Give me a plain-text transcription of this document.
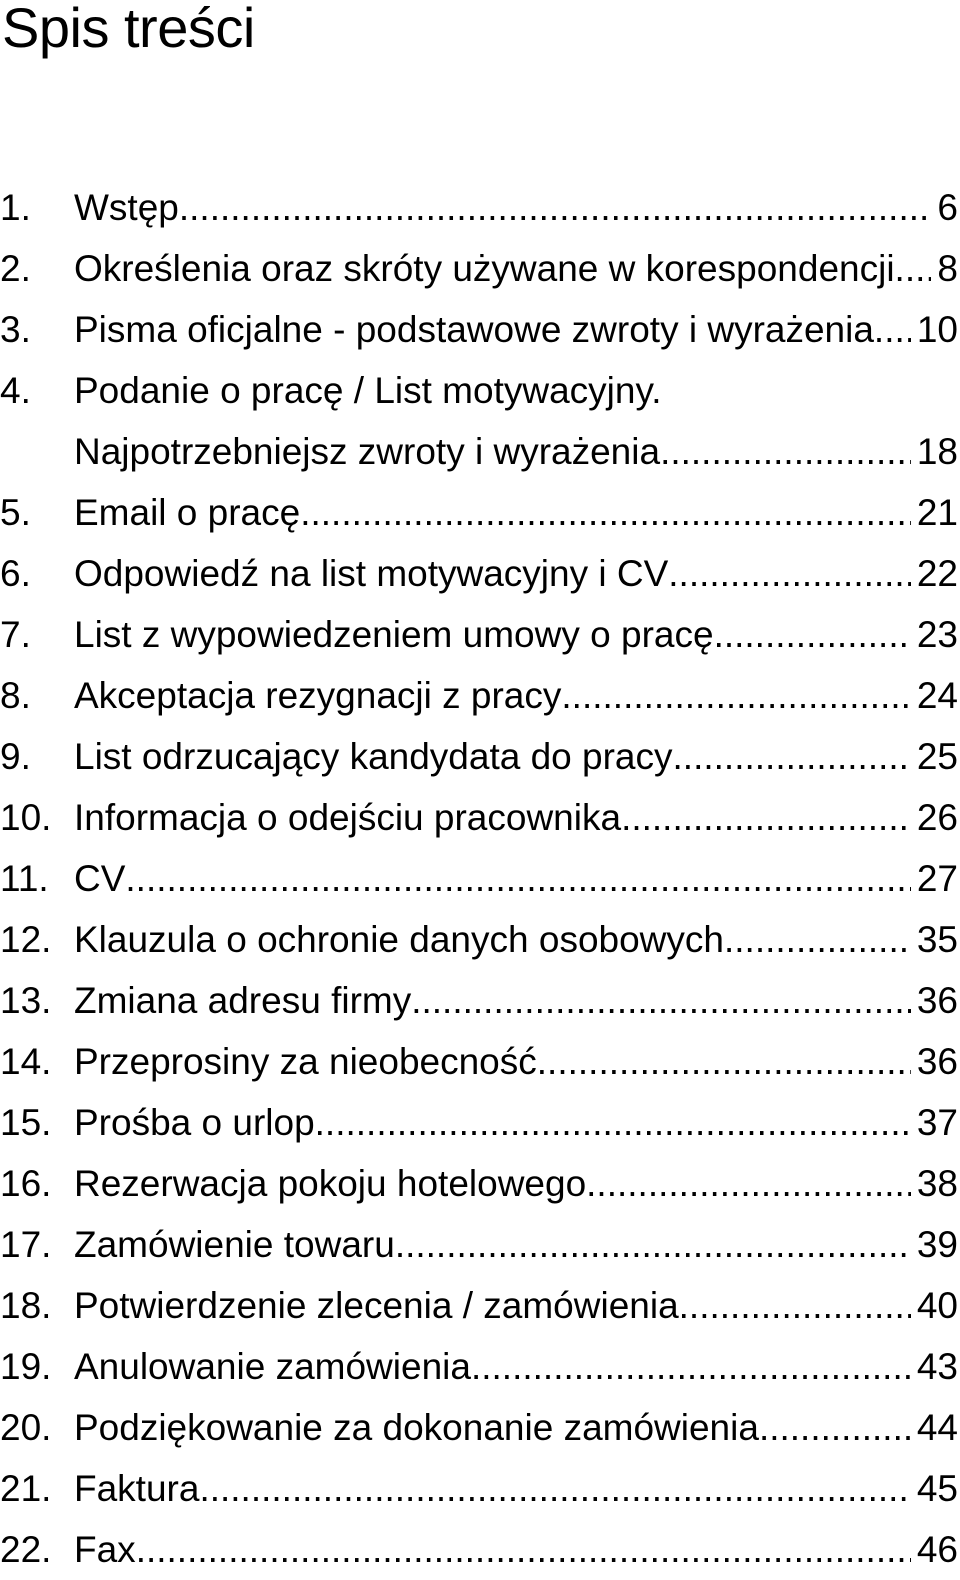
Spis treści
1.	Wstęp .....	6
2.	Określenia oraz skróty używane w korespondencji. ..... 8
3.	Pisma oficjalne - podstawowe zwroty i wyrażenia. ..... 10
4.	Podanie o pracę / List motywacyjny.
Najpotrzebniejsz zwroty i wyrażenia .....	18
5.	Email o pracę .....	21
6.	Odpowiedź na list motywacyjny i CV .....	22
7.	List z wypowiedzeniem umowy o pracę .....	23
8.	Akceptacja rezygnacji z pracy .....	24
9.	List odrzucający kandydata do pracy .....	25
10. Informacja o odejściu pracownika .....	26
11. CV .....	27
12. Klauzula o ochronie danych osobowych .....	35
13. Zmiana adresu firmy .....	36
14. Przeprosiny za nieobecność .....	36
15. Prośba o urlop .....	37
16. Rezerwacja pokoju hotelowego .....	38
17. Zamówienie towaru .....	39
18. Potwierdzenie zlecenia / zamówienia .....	40
19. Anulowanie zamówienia .....	43
20. Podziękowanie za dokonanie zamówienia .....	44
21. Faktura .....	45
22. Fax .....	46
